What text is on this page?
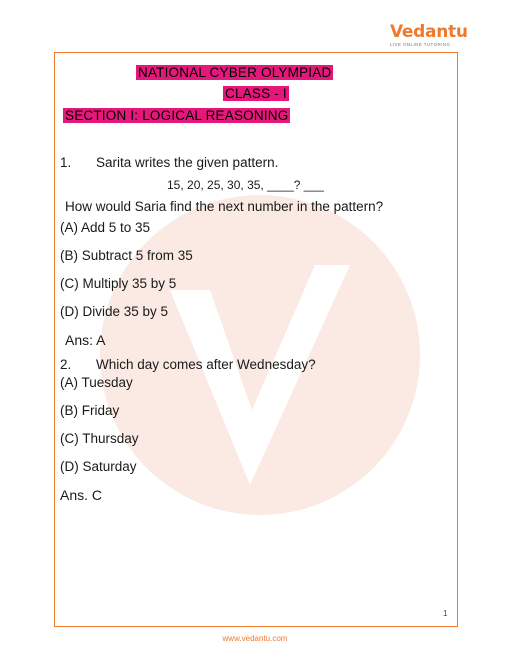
Vedantu
LIVE ONLINE TUTORING
NATIONAL CYBER OLYMPIAD
CLASS - I
SECTION I: LOGICAL REASONING
1. Sarita writes the given pattern.
15, 20, 25, 30, 35, ____? ___
How would Saria find the next number in the pattern?
(A) Add 5 to 35
(B) Subtract 5 from 35
(C) Multiply 35 by 5
(D) Divide 35 by 5
Ans: A
2. Which day comes after Wednesday?
(A) Tuesday
(B) Friday
(C) Thursday
(D) Saturday
Ans. C
1
www.vedantu.com
